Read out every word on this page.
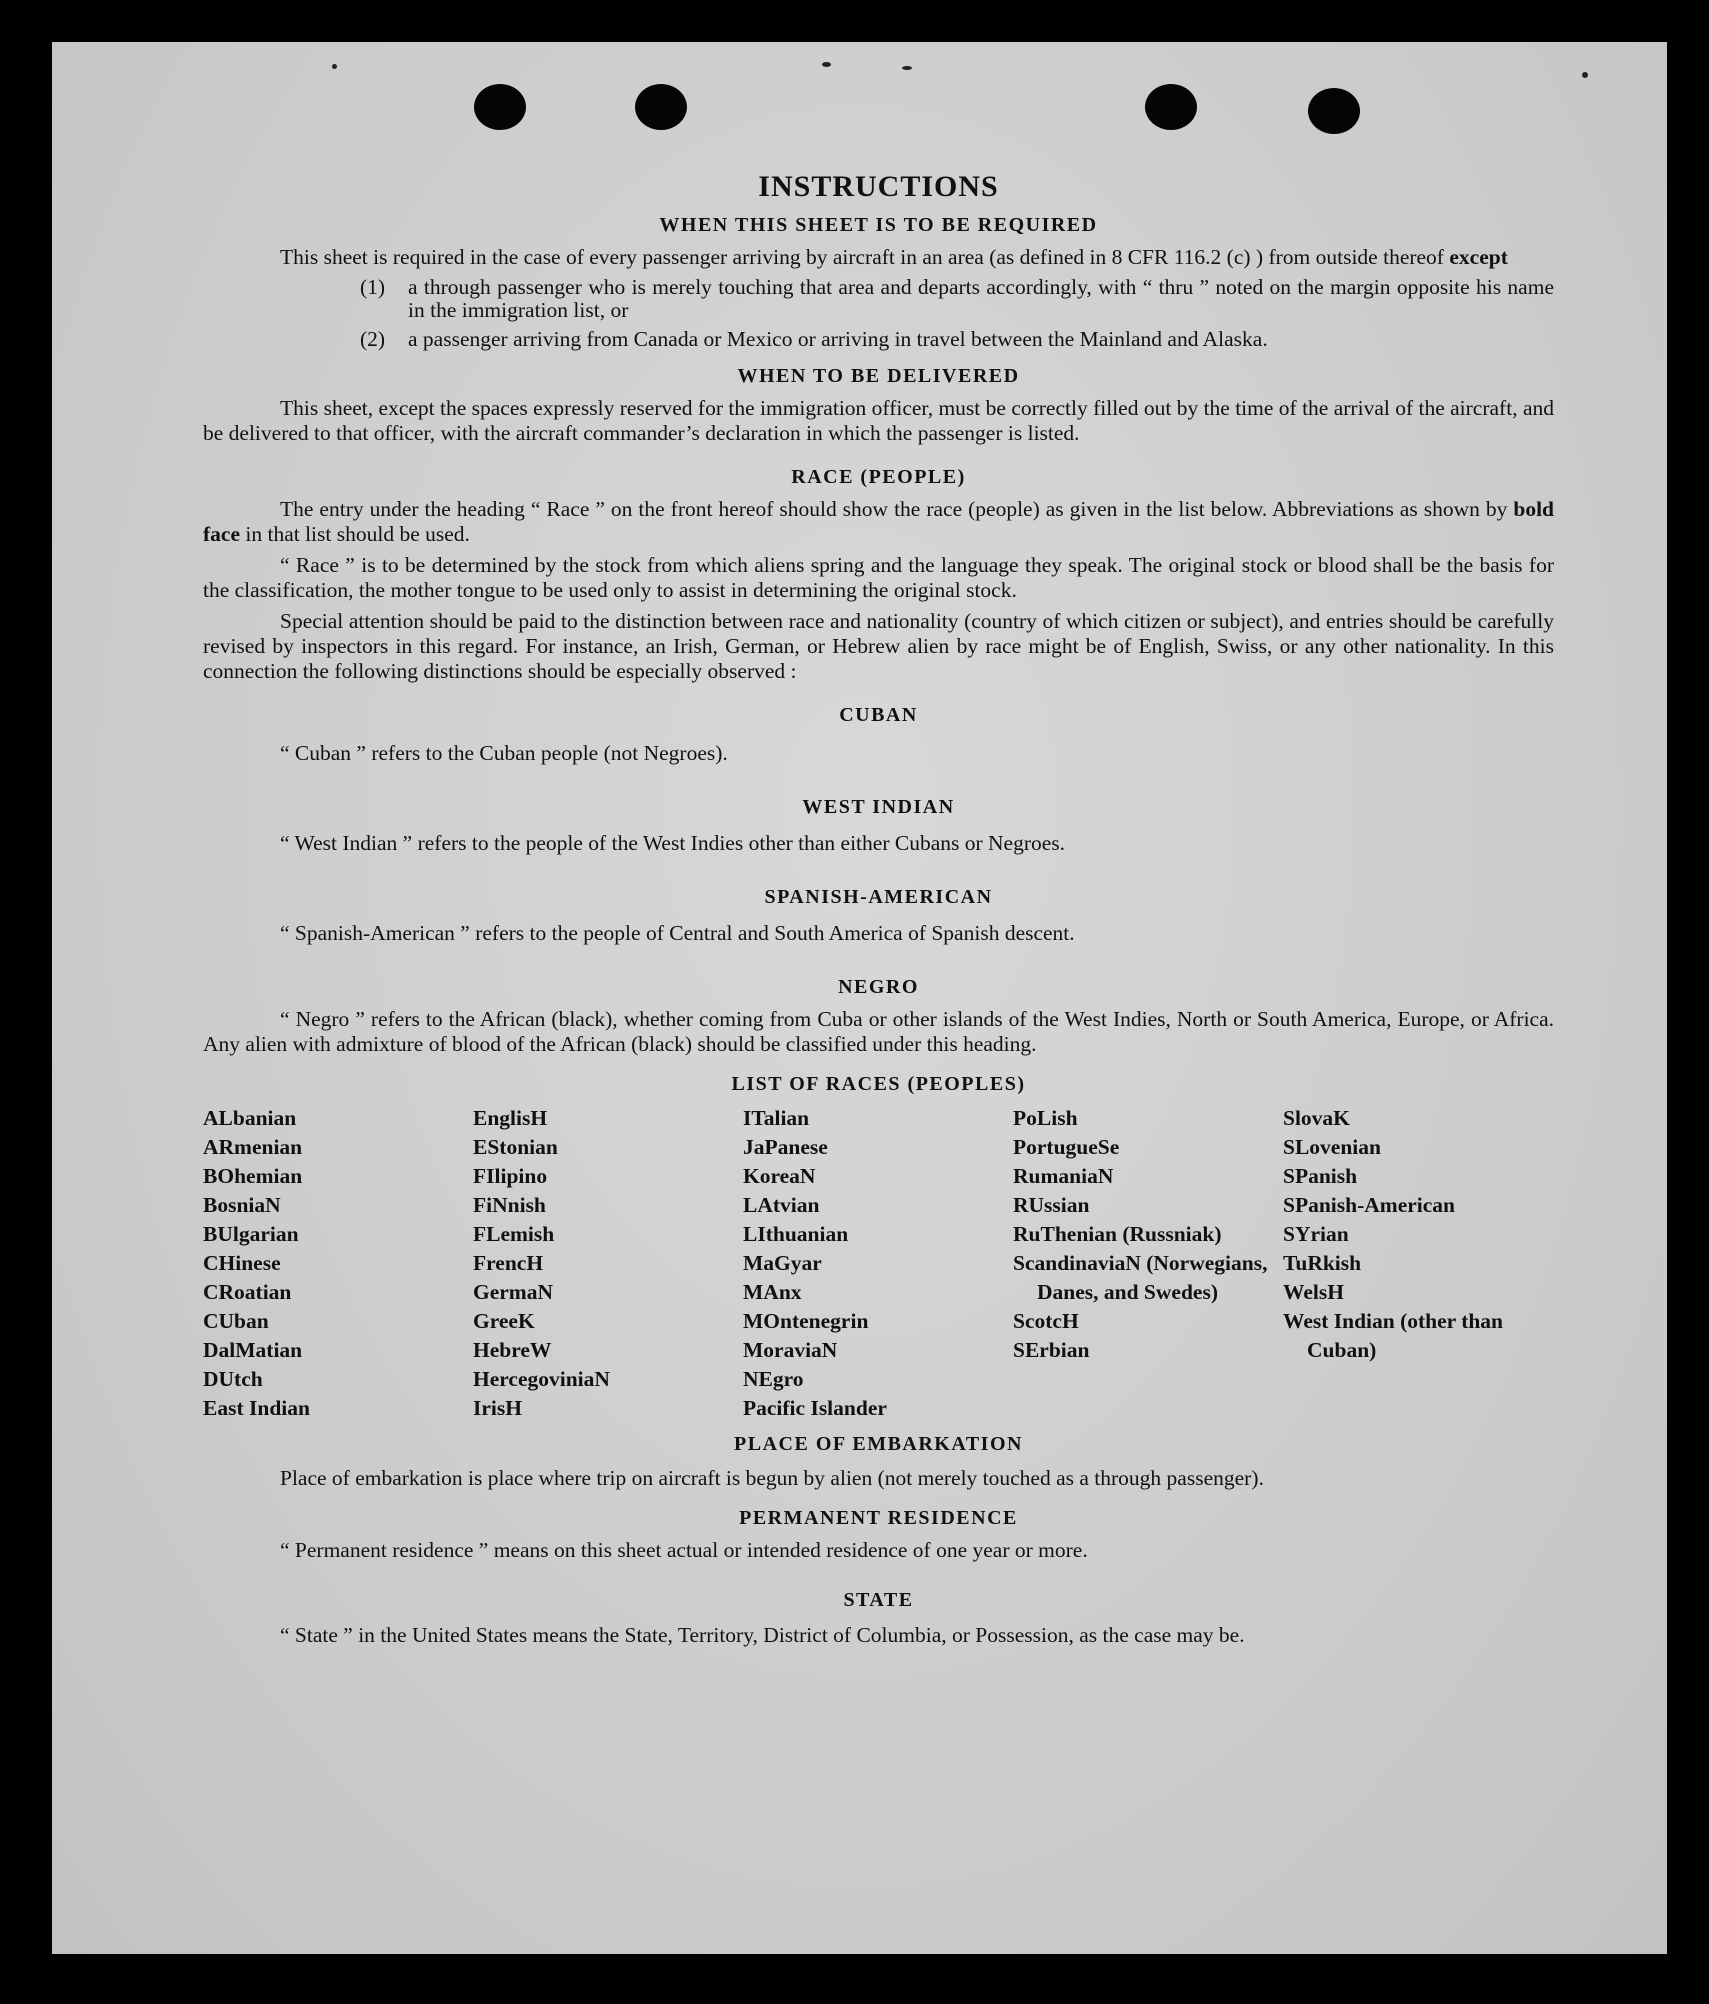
INSTRUCTIONS
WHEN THIS SHEET IS TO BE REQUIRED

This sheet is required in the case of every passenger arriving by aircraft in an area (as defined in 8 CFR 116.2 (c) ) from outside thereof except

(1)	a through passenger who is merely touching that area and departs accordingly, with “ thru ” noted on the margin opposite his name in the immigration list, or
(2)	a passenger arriving from Canada or Mexico or arriving in travel between the Mainland and Alaska.
WHEN TO BE DELIVERED

This sheet, except the spaces expressly reserved for the immigration officer, must be correctly filled out by the time of the arrival of the aircraft, and be delivered to that officer, with the aircraft commander’s declaration in which the passenger is listed.

RACE (PEOPLE)

The entry under the heading “ Race ” on the front hereof should show the race (people) as given in the list below. Abbreviations as shown by bold face in that list should be used.

“ Race ” is to be determined by the stock from which aliens spring and the language they speak. The original stock or blood shall be the basis for the classification, the mother tongue to be used only to assist in determining the original stock.

Special attention should be paid to the distinction between race and nationality (country of which citizen or subject), and entries should be carefully revised by inspectors in this regard. For instance, an Irish, German, or Hebrew alien by race might be of English, Swiss, or any other nationality. In this connection the following distinctions should be especially observed :

CUBAN

“ Cuban ” refers to the Cuban people (not Negroes).

WEST INDIAN

“ West Indian ” refers to the people of the West Indies other than either Cubans or Negroes.

SPANISH-AMERICAN

“ Spanish-American ” refers to the people of Central and South America of Spanish descent.

NEGRO

“ Negro ” refers to the African (black), whether coming from Cuba or other islands of the West Indies, North or South America, Europe, or Africa. Any alien with admixture of blood of the African (black) should be classified under this heading.

LIST OF RACES (PEOPLES)
ALbanian
ARmenian
BOhemian
BosniaN
BUlgarian
CHinese
CRoatian
CUban
DalMatian
DUtch
East Indian
EnglisH
EStonian
FIlipino
FiNnish
FLemish
FrencH
GermaN
GreeK
HebreW
HercegoviniaN
IrisH
ITalian
JaPanese
KoreaN
LAtvian
LIthuanian
MaGyar
MAnx
MOntenegrin
MoraviaN
NEgro
Pacific Islander
PoLish
PortugueSe
RumaniaN
RUssian
RuThenian (Russniak)
ScandinaviaN (Norwegians, Danes, and Swedes)
ScotcH
SErbian
SlovaK
SLovenian
SPanish
SPanish-American
SYrian
TuRkish
WelsH
West Indian (other than Cuban)
PLACE OF EMBARKATION

Place of embarkation is place where trip on aircraft is begun by alien (not merely touched as a through passenger).

PERMANENT RESIDENCE

“ Permanent residence ” means on this sheet actual or intended residence of one year or more.

STATE

“ State ” in the United States means the State, Territory, District of Columbia, or Possession, as the case may be.
